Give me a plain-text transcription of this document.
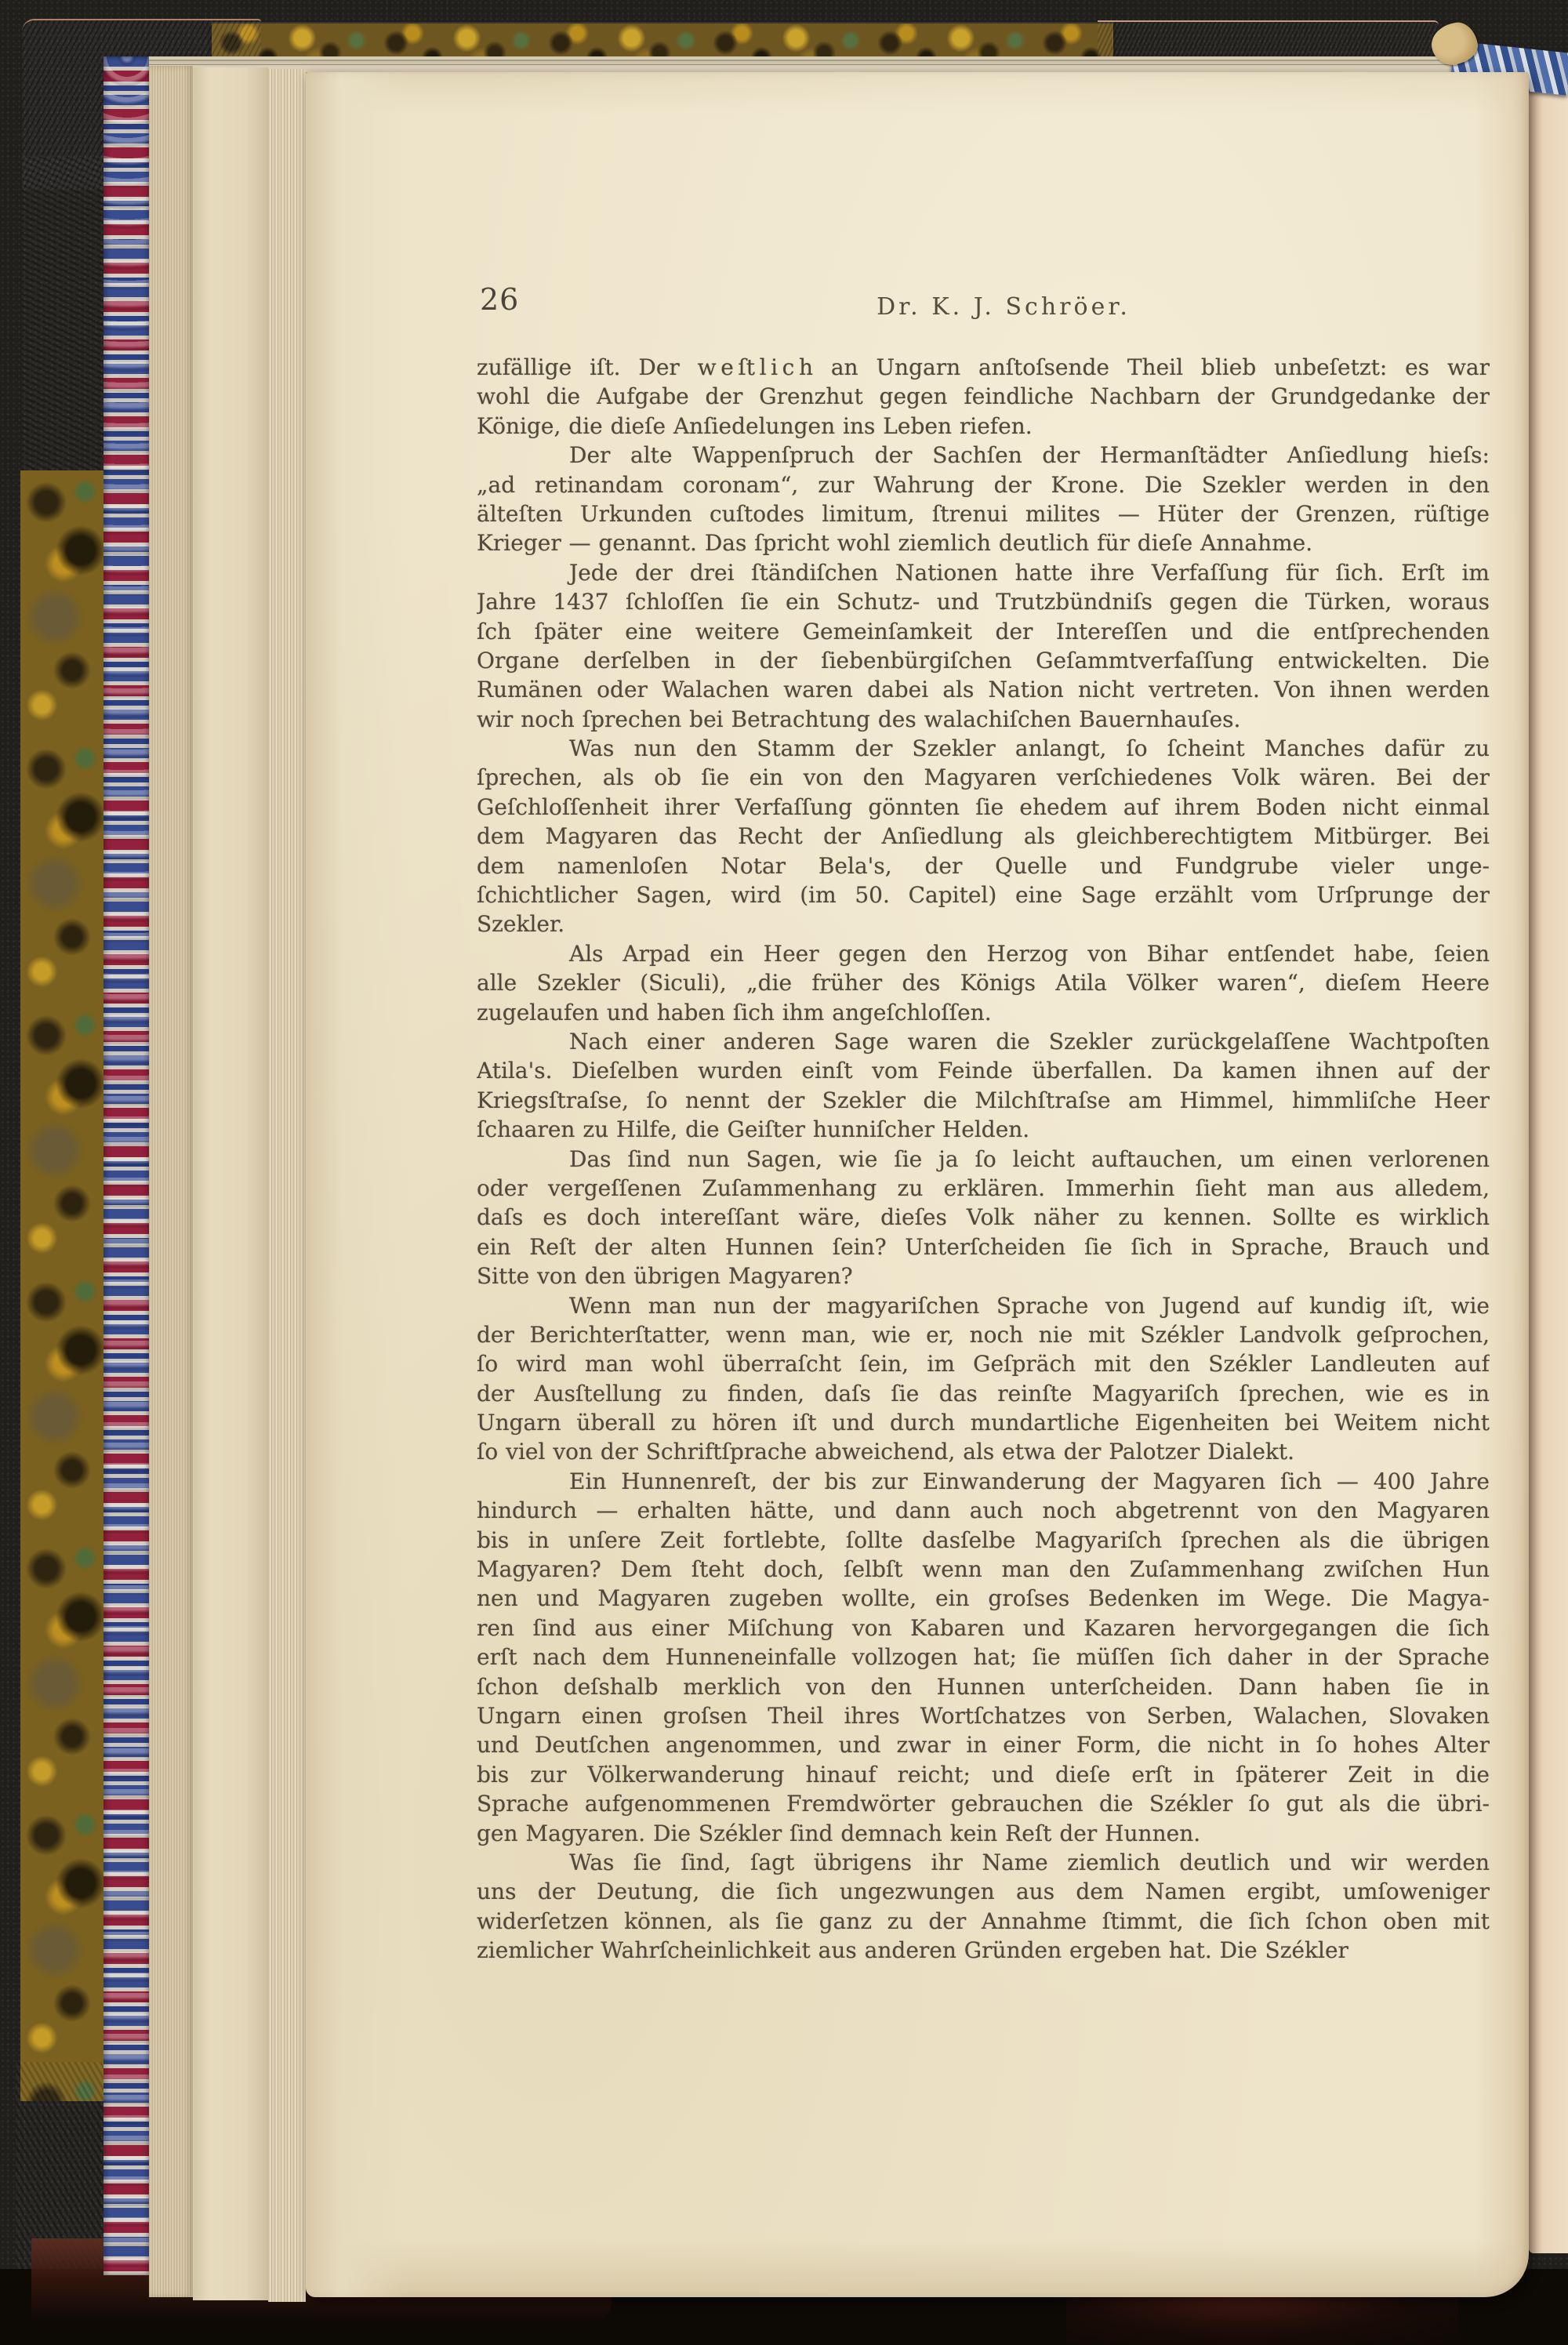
26	Dr. K. J. Schröer.
zufällige iſt. Der w e ſt l i c h an Ungarn anſtoſsende Theil blieb unbeſetzt: es war
wohl die Aufgabe der Grenzhut gegen feindliche Nachbarn der Grundgedanke der
Könige, die dieſe Anſiedelungen ins Leben riefen.
Der alte Wappenſpruch der Sachſen der Hermanſtädter Anſiedlung hieſs:
„ad retinandam coronam“, zur Wahrung der Krone. Die Szekler werden in den
älteſten Urkunden cuſtodes limitum, ſtrenui milites — Hüter der Grenzen, rüſtige
Krieger — genannt. Das ſpricht wohl ziemlich deutlich für dieſe Annahme.
Jede der drei ſtändiſchen Nationen hatte ihre Verfaſſung für ſich. Erſt im
Jahre 1437 ſchloſſen ſie ein Schutz- und Trutzbündniſs gegen die Türken, woraus
ſch ſpäter eine weitere Gemeinſamkeit der Intereſſen und die entſprechenden
Organe derſelben in der ſiebenbürgiſchen Geſammtverfaſſung entwickelten. Die
Rumänen oder Walachen waren dabei als Nation nicht vertreten. Von ihnen werden
wir noch ſprechen bei Betrachtung des walachiſchen Bauernhauſes.
Was nun den Stamm der Szekler anlangt, ſo ſcheint Manches dafür zu
ſprechen, als ob ſie ein von den Magyaren verſchiedenes Volk wären. Bei der
Geſchloſſenheit ihrer Verfaſſung gönnten ſie ehedem auf ihrem Boden nicht einmal
dem Magyaren das Recht der Anſiedlung als gleichberechtigtem Mitbürger. Bei
dem namenloſen Notar Bela's, der Quelle und Fundgrube vieler unge-
ſchichtlicher Sagen, wird (im 50. Capitel) eine Sage erzählt vom Urſprunge der
Szekler.
Als Arpad ein Heer gegen den Herzog von Bihar entſendet habe, ſeien
alle Szekler (Siculi), „die früher des Königs Atila Völker waren“, dieſem Heere
zugelaufen und haben ſich ihm angeſchloſſen.
Nach einer anderen Sage waren die Szekler zurückgelaſſene Wachtpoſten
Atila's. Dieſelben wurden einſt vom Feinde überfallen. Da kamen ihnen auf der
Kriegsſtraſse, ſo nennt der Szekler die Milchſtraſse am Himmel, himmliſche Heer
ſchaaren zu Hilfe, die Geiſter hunniſcher Helden.
Das ſind nun Sagen, wie ſie ja ſo leicht auftauchen, um einen verlorenen
oder vergeſſenen Zuſammenhang zu erklären. Immerhin ſieht man aus alledem,
daſs es doch intereſſant wäre, dieſes Volk näher zu kennen. Sollte es wirklich
ein Reſt der alten Hunnen ſein? Unterſcheiden ſie ſich in Sprache, Brauch und
Sitte von den übrigen Magyaren?
Wenn man nun der magyariſchen Sprache von Jugend auf kundig iſt, wie
der Berichterſtatter, wenn man, wie er, noch nie mit Székler Landvolk geſprochen,
ſo wird man wohl überraſcht ſein, im Geſpräch mit den Székler Landleuten auf
der Ausſtellung zu finden, daſs ſie das reinſte Magyariſch ſprechen, wie es in
Ungarn überall zu hören iſt und durch mundartliche Eigenheiten bei Weitem nicht
ſo viel von der Schriftſprache abweichend, als etwa der Palotzer Dialekt.
Ein Hunnenreſt, der bis zur Einwanderung der Magyaren ſich — 400 Jahre
hindurch — erhalten hätte, und dann auch noch abgetrennt von den Magyaren
bis in unſere Zeit fortlebte, ſollte dasſelbe Magyariſch ſprechen als die übrigen
Magyaren? Dem ſteht doch, ſelbſt wenn man den Zuſammenhang zwiſchen Hun
nen und Magyaren zugeben wollte, ein groſses Bedenken im Wege. Die Magya-
ren ſind aus einer Miſchung von Kabaren und Kazaren hervorgegangen die ſich
erſt nach dem Hunneneinfalle vollzogen hat; ſie müſſen ſich daher in der Sprache
ſchon deſshalb merklich von den Hunnen unterſcheiden. Dann haben ſie in
Ungarn einen groſsen Theil ihres Wortſchatzes von Serben, Walachen, Slovaken
und Deutſchen angenommen, und zwar in einer Form, die nicht in ſo hohes Alter
bis zur Völkerwanderung hinauf reicht; und dieſe erſt in ſpäterer Zeit in die
Sprache aufgenommenen Fremdwörter gebrauchen die Székler ſo gut als die übri-
gen Magyaren. Die Székler ſind demnach kein Reſt der Hunnen.
Was ſie ſind, ſagt übrigens ihr Name ziemlich deutlich und wir werden
uns der Deutung, die ſich ungezwungen aus dem Namen ergibt, umſoweniger
widerſetzen können, als ſie ganz zu der Annahme ſtimmt, die ſich ſchon oben mit
ziemlicher Wahrſcheinlichkeit aus anderen Gründen ergeben hat. Die Székler
